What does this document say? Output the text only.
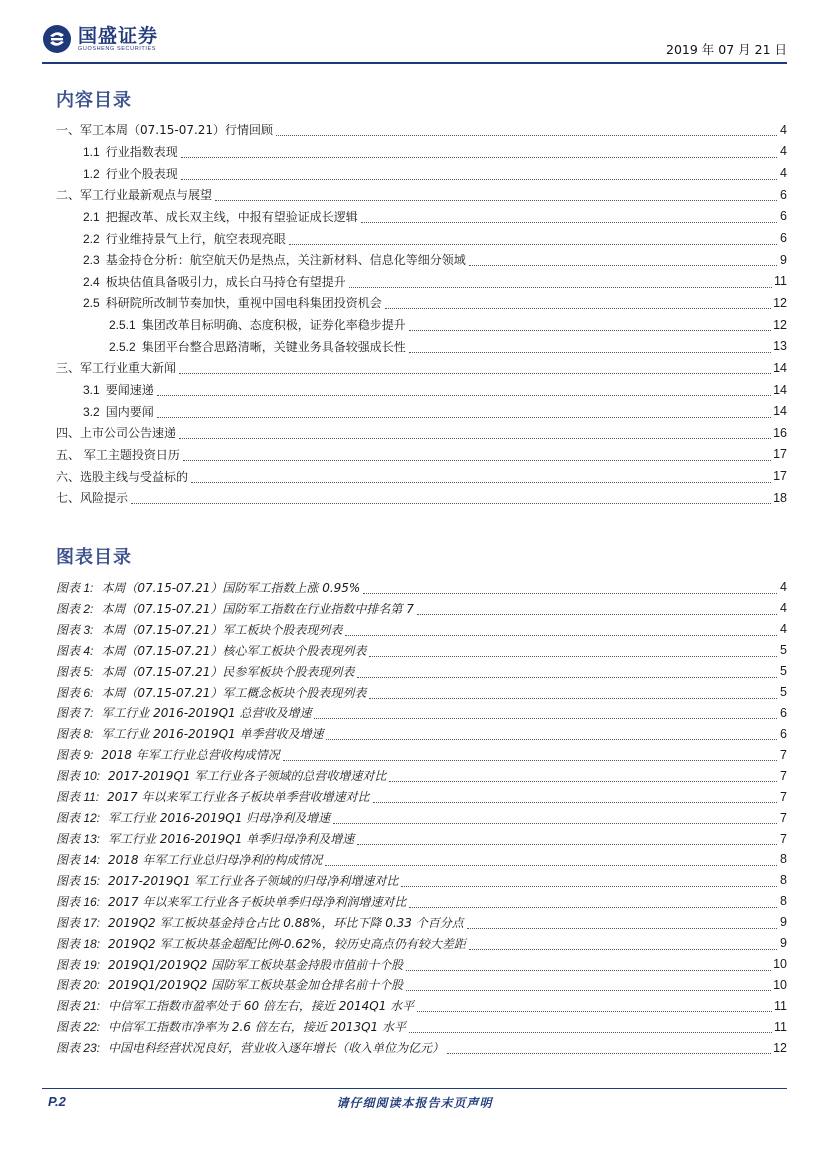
国盛证券
GUOSHENG SECURITIES	2019 年 07 月 21 日
内容目录
一、军工本周（07.15-07.21）行情回顾	4
1.1 行业指数表现	4
1.2 行业个股表现	4
二、军工行业最新观点与展望	6
2.1 把握改革、成长双主线，中报有望验证成长逻辑	6
2.2 行业维持景气上行，航空表现亮眼	6
2.3 基金持仓分析：航空航天仍是热点，关注新材料、信息化等细分领域	9
2.4 板块估值具备吸引力，成长白马持仓有望提升	11
2.5 科研院所改制节奏加快，重视中国电科集团投资机会	12
2.5.1 集团改革目标明确、态度积极，证券化率稳步提升	12
2.5.2 集团平台整合思路清晰，关键业务具备较强成长性	13
三、军工行业重大新闻	14
3.1 要闻速递	14
3.2 国内要闻	14
四、上市公司公告速递	16
五、 军工主题投资日历	17
六、选股主线与受益标的	17
七、风险提示	18
图表目录
图表 1: 本周（07.15-07.21）国防军工指数上涨 0.95%	4
图表 2: 本周（07.15-07.21）国防军工指数在行业指数中排名第 7	4
图表 3: 本周（07.15-07.21）军工板块个股表现列表	4
图表 4: 本周（07.15-07.21）核心军工板块个股表现列表	5
图表 5: 本周（07.15-07.21）民参军板块个股表现列表	5
图表 6: 本周（07.15-07.21）军工概念板块个股表现列表	5
图表 7: 军工行业 2016-2019Q1 总营收及增速	6
图表 8: 军工行业 2016-2019Q1 单季营收及增速	6
图表 9: 2018 年军工行业总营收构成情况	7
图表 10: 2017-2019Q1 军工行业各子领域的总营收增速对比	7
图表 11: 2017 年以来军工行业各子板块单季营收增速对比	7
图表 12: 军工行业 2016-2019Q1 归母净利及增速	7
图表 13: 军工行业 2016-2019Q1 单季归母净利及增速	7
图表 14: 2018 年军工行业总归母净利的构成情况	8
图表 15: 2017-2019Q1 军工行业各子领域的归母净利增速对比	8
图表 16: 2017 年以来军工行业各子板块单季归母净利润增速对比	8
图表 17: 2019Q2 军工板块基金持仓占比 0.88%，环比下降 0.33 个百分点	9
图表 18: 2019Q2 军工板块基金超配比例-0.62%，较历史高点仍有较大差距	9
图表 19: 2019Q1/2019Q2 国防军工板块基金持股市值前十个股	10
图表 20: 2019Q1/2019Q2 国防军工板块基金加仓排名前十个股	10
图表 21: 中信军工指数市盈率处于 60 倍左右，接近 2014Q1 水平	11
图表 22: 中信军工指数市净率为 2.6 倍左右，接近 2013Q1 水平	11
图表 23: 中国电科经营状况良好，营业收入逐年增长（收入单位为亿元）	12
P.2	请仔细阅读本报告末页声明
